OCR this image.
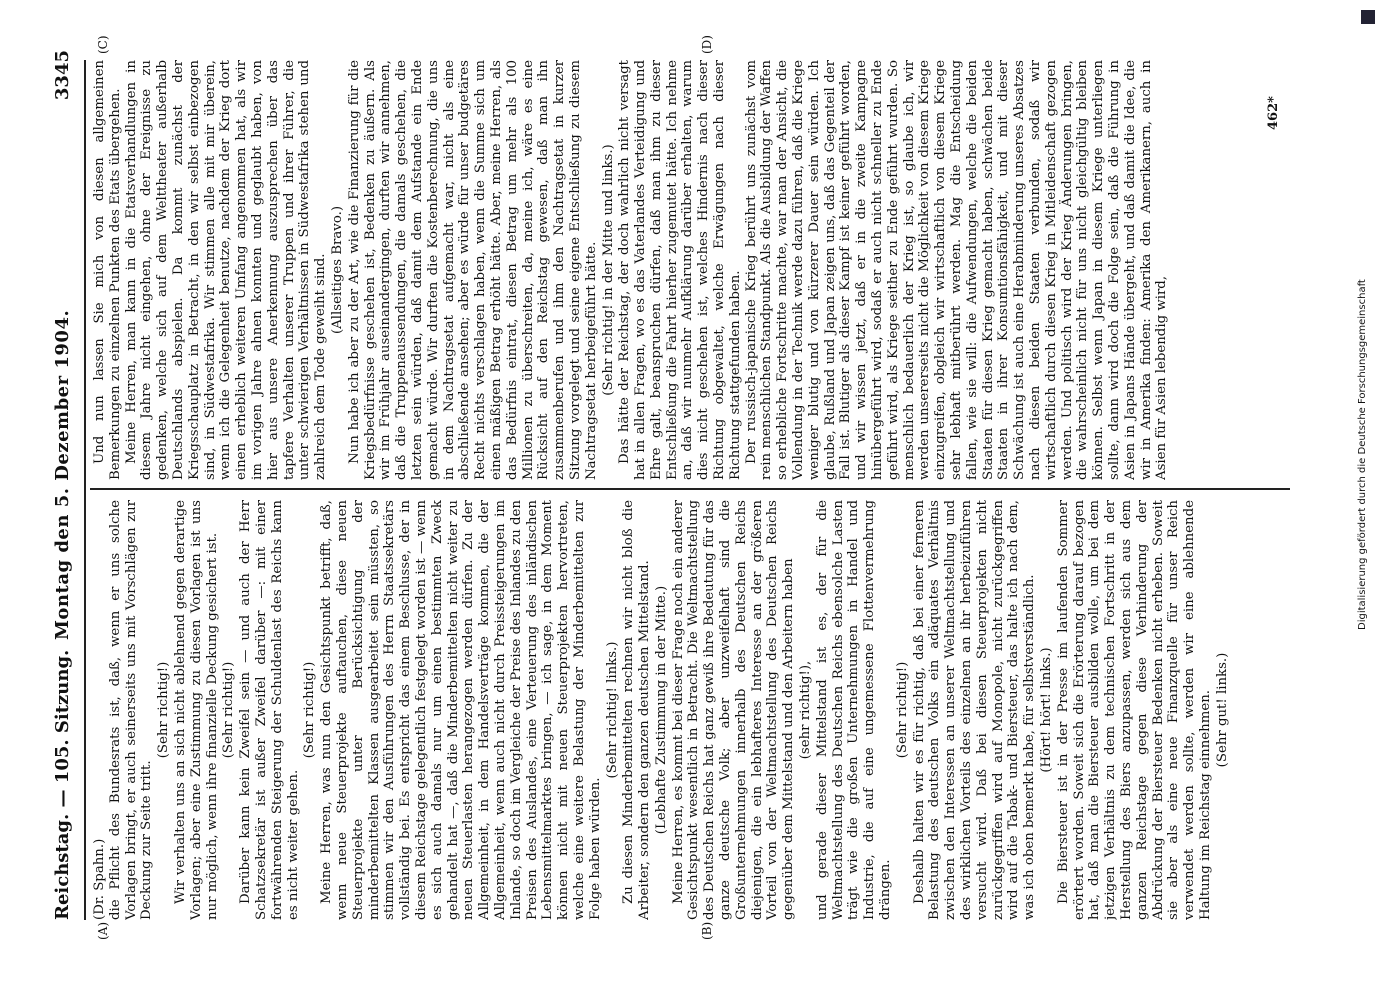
Reichstag. — 105. Sitzung.
Montag den 5. Dezember 1904.
3345
(A)	(B)
(C)	(D)
(Dr. Spahn.) die Pflicht des Bundesrats ist, daß, wenn er uns solche Vorlagen bringt, er auch seinerseits uns mit Vorschlägen zur Deckung zur Seite tritt.
(Sehr richtig!) Wir verhalten uns an sich nicht ablehnend gegen derartige Vorlagen; aber eine Zustimmung zu diesen Vorlagen ist uns nur möglich, wenn ihre finanzielle Deckung gesichert ist. (Sehr richtig!) Darüber kann kein Zweifel sein — und auch der Herr Schatzsekretär ist außer Zweifel darüber —: mit einer fortwährenden Steigerung der Schuldenlast des Reichs kann es nicht weiter gehen.
(Sehr richtig!) Meine Herren, was nun den Gesichtspunkt betrifft, daß, wenn neue Steuerprojekte auftauchen, diese neuen Steuerprojekte unter Berücksichtigung der minderbemittelten Klassen ausgearbeitet sein müssten, so stimmen wir den Ausführungen des Herrn Staatssekretärs vollständig bei. Es entspricht das einem Beschlusse, der in diesem Reichstage gelegentlich festgelegt worden ist — wenn es sich auch damals nur um einen bestimmten Zweck gehandelt hat —, daß die Minderbemittelten nicht weiter zu neuen Steuerlasten herangezogen werden dürfen. Zu der Allgemeinheit, in dem Handelsverträge kommen, die der Allgemeinheit, wenn auch nicht durch Preissteigerungen im Inlande, so doch im Vergleiche der Preise des Inlandes zu den Preisen des Auslandes, eine Verteuerung des inländischen Lebensmittelmarktes bringen, — ich sage, in dem Moment können nicht mit neuen Steuerprojekten hervortreten, welche eine weitere Belastung der Minderbemittelten zur Folge haben würden.
(Sehr richtig! links.) Zu diesen Minderbemittelten rechnen wir nicht bloß die Arbeiter, sondern den ganzen deutschen Mittelstand. (Lebhafte Zustimmung in der Mitte.) Meine Herren, es kommt bei dieser Frage noch ein anderer Gesichtspunkt wesentlich in Betracht. Die Weltmachtstellung des Deutschen Reichs hat ganz gewiß ihre Bedeutung für das ganze deutsche Volk; aber unzweifelhaft sind die Großunternehmungen innerhalb des Deutschen Reichs diejenigen, die ein lebhafteres Interesse an der größeren Vorteil von der Weltmachtstellung des Deutschen Reichs gegenüber dem Mittelstand und den Arbeitern haben (sehr richtig!), und gerade dieser Mittelstand ist es, der für die Weltmachtstellung des Deutschen Reichs ebensolche Lasten trägt wie die großen Unternehmungen in Handel und Industrie, die auf eine ungemessene Flottenvermehrung drängen.
(Sehr richtig!) Deshalb halten wir es für richtig, daß bei einer ferneren Belastung des deutschen Volks ein adäquates Verhältnis zwischen den Interessen an unserer Weltmachtstellung und des wirklichen Vorteils des einzelnen an ihr herbeizuführen versucht wird. Daß bei diesen Steuerprojekten nicht zurückgegriffen wird auf Monopole, nicht zurückgegriffen wird auf die Tabak- und Biersteuer, das halte ich nach dem, was ich oben bemerkt habe, für selbstverständlich. (Hört! hört! links.) Die Biersteuer ist in der Presse im laufenden Sommer erörtert worden. Soweit sich die Erörterung darauf bezogen hat, daß man die Biersteuer ausbilden wolle, um bei dem jetzigen Verhältnis zu dem technischen Fortschritt in der Herstellung des Biers anzupassen, werden sich aus dem ganzen Reichstage gegen diese Verhinderung der Abdrückung der Biersteuer Bedenken nicht erheben. Soweit sie aber als eine neue Finanzquelle für unser Reich verwendet werden sollte, werden wir eine ablehnende Haltung im Reichstag einnehmen. (Sehr gut! links.)
Und nun lassen Sie mich von diesen allgemeinen Bemerkungen zu einzelnen Punkten des Etats übergehen. Meine Herren, man kann in die Etatsverhandlungen in diesem Jahre nicht eingehen, ohne der Ereignisse zu gedenken, welche sich auf dem Welttheater außerhalb Deutschlands abspielen. Da kommt zunächst der Kriegsschauplatz in Betracht, in den wir selbst einbezogen sind, in Südwestafrika. Wir stimmen alle mit mir überein, wenn ich die Gelegenheit benutze, nachdem der Krieg dort einen erheblich weiteren Umfang angenommen hat, als wir im vorigen Jahre ahnen konnten und geglaubt haben, von hier aus unsere Anerkennung auszusprechen über das tapfere Verhalten unserer Truppen und ihrer Führer, die unter schwierigen Verhältnissen in Südwestafrika stehen und zahlreich dem Tode geweiht sind. (Allseitiges Bravo.) Nun habe ich aber zu der Art, wie die Finanzierung für die Kriegsbedürfnisse geschehen ist, Bedenken zu äußern. Als wir im Frühjahr auseinandergingen, durften wir annehmen, daß die Truppenaussendungen, die damals geschehen, die letzten sein würden, daß damit dem Aufstande ein Ende gemacht würde. Wir durften die Kostenberechnung, die uns in dem Nachtragsetat aufgemacht war, nicht als eine abschließende ansehen; aber es würde für unser budgetäres Recht nichts verschlagen haben, wenn die Summe sich um einen mäßigen Betrag erhöht hätte. Aber, meine Herren, als das Bedürfnis eintrat, diesen Betrag um mehr als 100 Millionen zu überschreiten, da, meine ich, wäre es eine Rücksicht auf den Reichstag gewesen, daß man ihn zusammenberufen und ihm den Nachtragsetat in kurzer Sitzung vorgelegt und seine eigene Entschließung zu diesem Nachtragsetat herbeigeführt hätte. (Sehr richtig! in der Mitte und links.) Das hätte der Reichstag, der doch wahrlich nicht versagt hat in allen Fragen, wo es das Vaterlandes Verteidigung und Ehre galt, beanspruchen dürfen, daß man ihm zu dieser Entschließung die Fahrt hierher zugemutet hätte. Ich nehme an, daß wir nunmehr Aufklärung darüber erhalten, warum dies nicht geschehen ist, welches Hindernis nach dieser Richtung obgewaltet, welche Erwägungen nach dieser Richtung stattgefunden haben. Der russisch-japanische Krieg berührt uns zunächst vom rein menschlichen Standpunkt. Als die Ausbildung der Waffen so erhebliche Fortschritte machte, war man der Ansicht, die Vollendung in der Technik werde dazu führen, daß die Kriege weniger blutig und von kürzerer Dauer sein würden. Ich glaube, Rußland und Japan zeigen uns, daß das Gegenteil der Fall ist. Blutiger als dieser Kampf ist keiner geführt worden, und wir wissen jetzt, daß er in die zweite Kampagne hinübergeführt wird, sodaß er auch nicht schneller zu Ende geführt wird, als Kriege seither zu Ende geführt wurden. So menschlich bedauerlich der Krieg ist, so glaube ich, wir werden unsererseits nicht die Möglichkeit von diesem Kriege einzugreifen, obgleich wir wirtschaftlich von diesem Kriege sehr lebhaft mitberührt werden. Mag die Entscheidung fallen, wie sie will: die Aufwendungen, welche die beiden Staaten für diesen Krieg gemacht haben, schwächen beide Staaten in ihrer Konsumtionsfähigkeit, und mit dieser Schwächung ist auch eine Herabminderung unseres Absatzes nach diesen beiden Staaten verbunden, sodaß wir wirtschaftlich durch diesen Krieg in Mitleidenschaft gezogen werden. Und politisch wird der Krieg Änderungen bringen, die wahrscheinlich nicht für uns nicht gleichgültig bleiben können. Selbst wenn Japan in diesem Kriege unterliegen sollte, dann wird doch die Folge sein, daß die Führung in Asien in Japans Hände übergeht, und daß damit die Idee, die wir in Amerika finden: Amerika den Amerikanern, auch in Asien für Asien lebendig wird,
462*
Digitalisierung gefördert durch die Deutsche Forschungsgemeinschaft
